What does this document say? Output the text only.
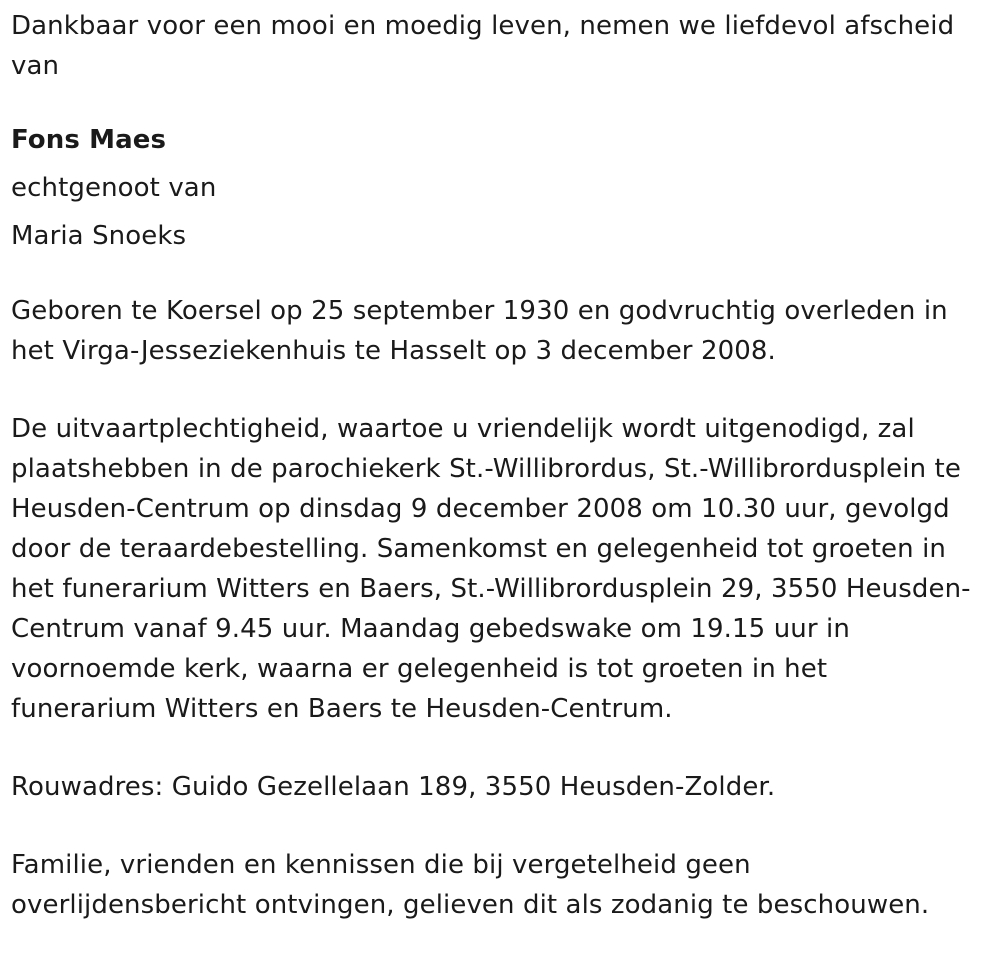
Dankbaar voor een mooi en moedig leven, nemen we liefdevol afscheid
van
Fons Maes
echtgenoot van
Maria Snoeks
Geboren te Koersel op 25 september 1930 en godvruchtig overleden in
het Virga-Jesseziekenhuis te Hasselt op 3 december 2008.
De uitvaartplechtigheid, waartoe u vriendelijk wordt uitgenodigd, zal
plaatshebben in de parochiekerk St.-Willibrordus, St.-Willibrordusplein te
Heusden-Centrum op dinsdag 9 december 2008 om 10.30 uur, gevolgd
door de teraardebestelling. Samenkomst en gelegenheid tot groeten in
het funerarium Witters en Baers, St.-Willibrordusplein 29, 3550 Heusden-
Centrum vanaf 9.45 uur. Maandag gebedswake om 19.15 uur in
voornoemde kerk, waarna er gelegenheid is tot groeten in het
funerarium Witters en Baers te Heusden-Centrum.
Rouwadres: Guido Gezellelaan 189, 3550 Heusden-Zolder.
Familie, vrienden en kennissen die bij vergetelheid geen
overlijdensbericht ontvingen, gelieven dit als zodanig te beschouwen.
